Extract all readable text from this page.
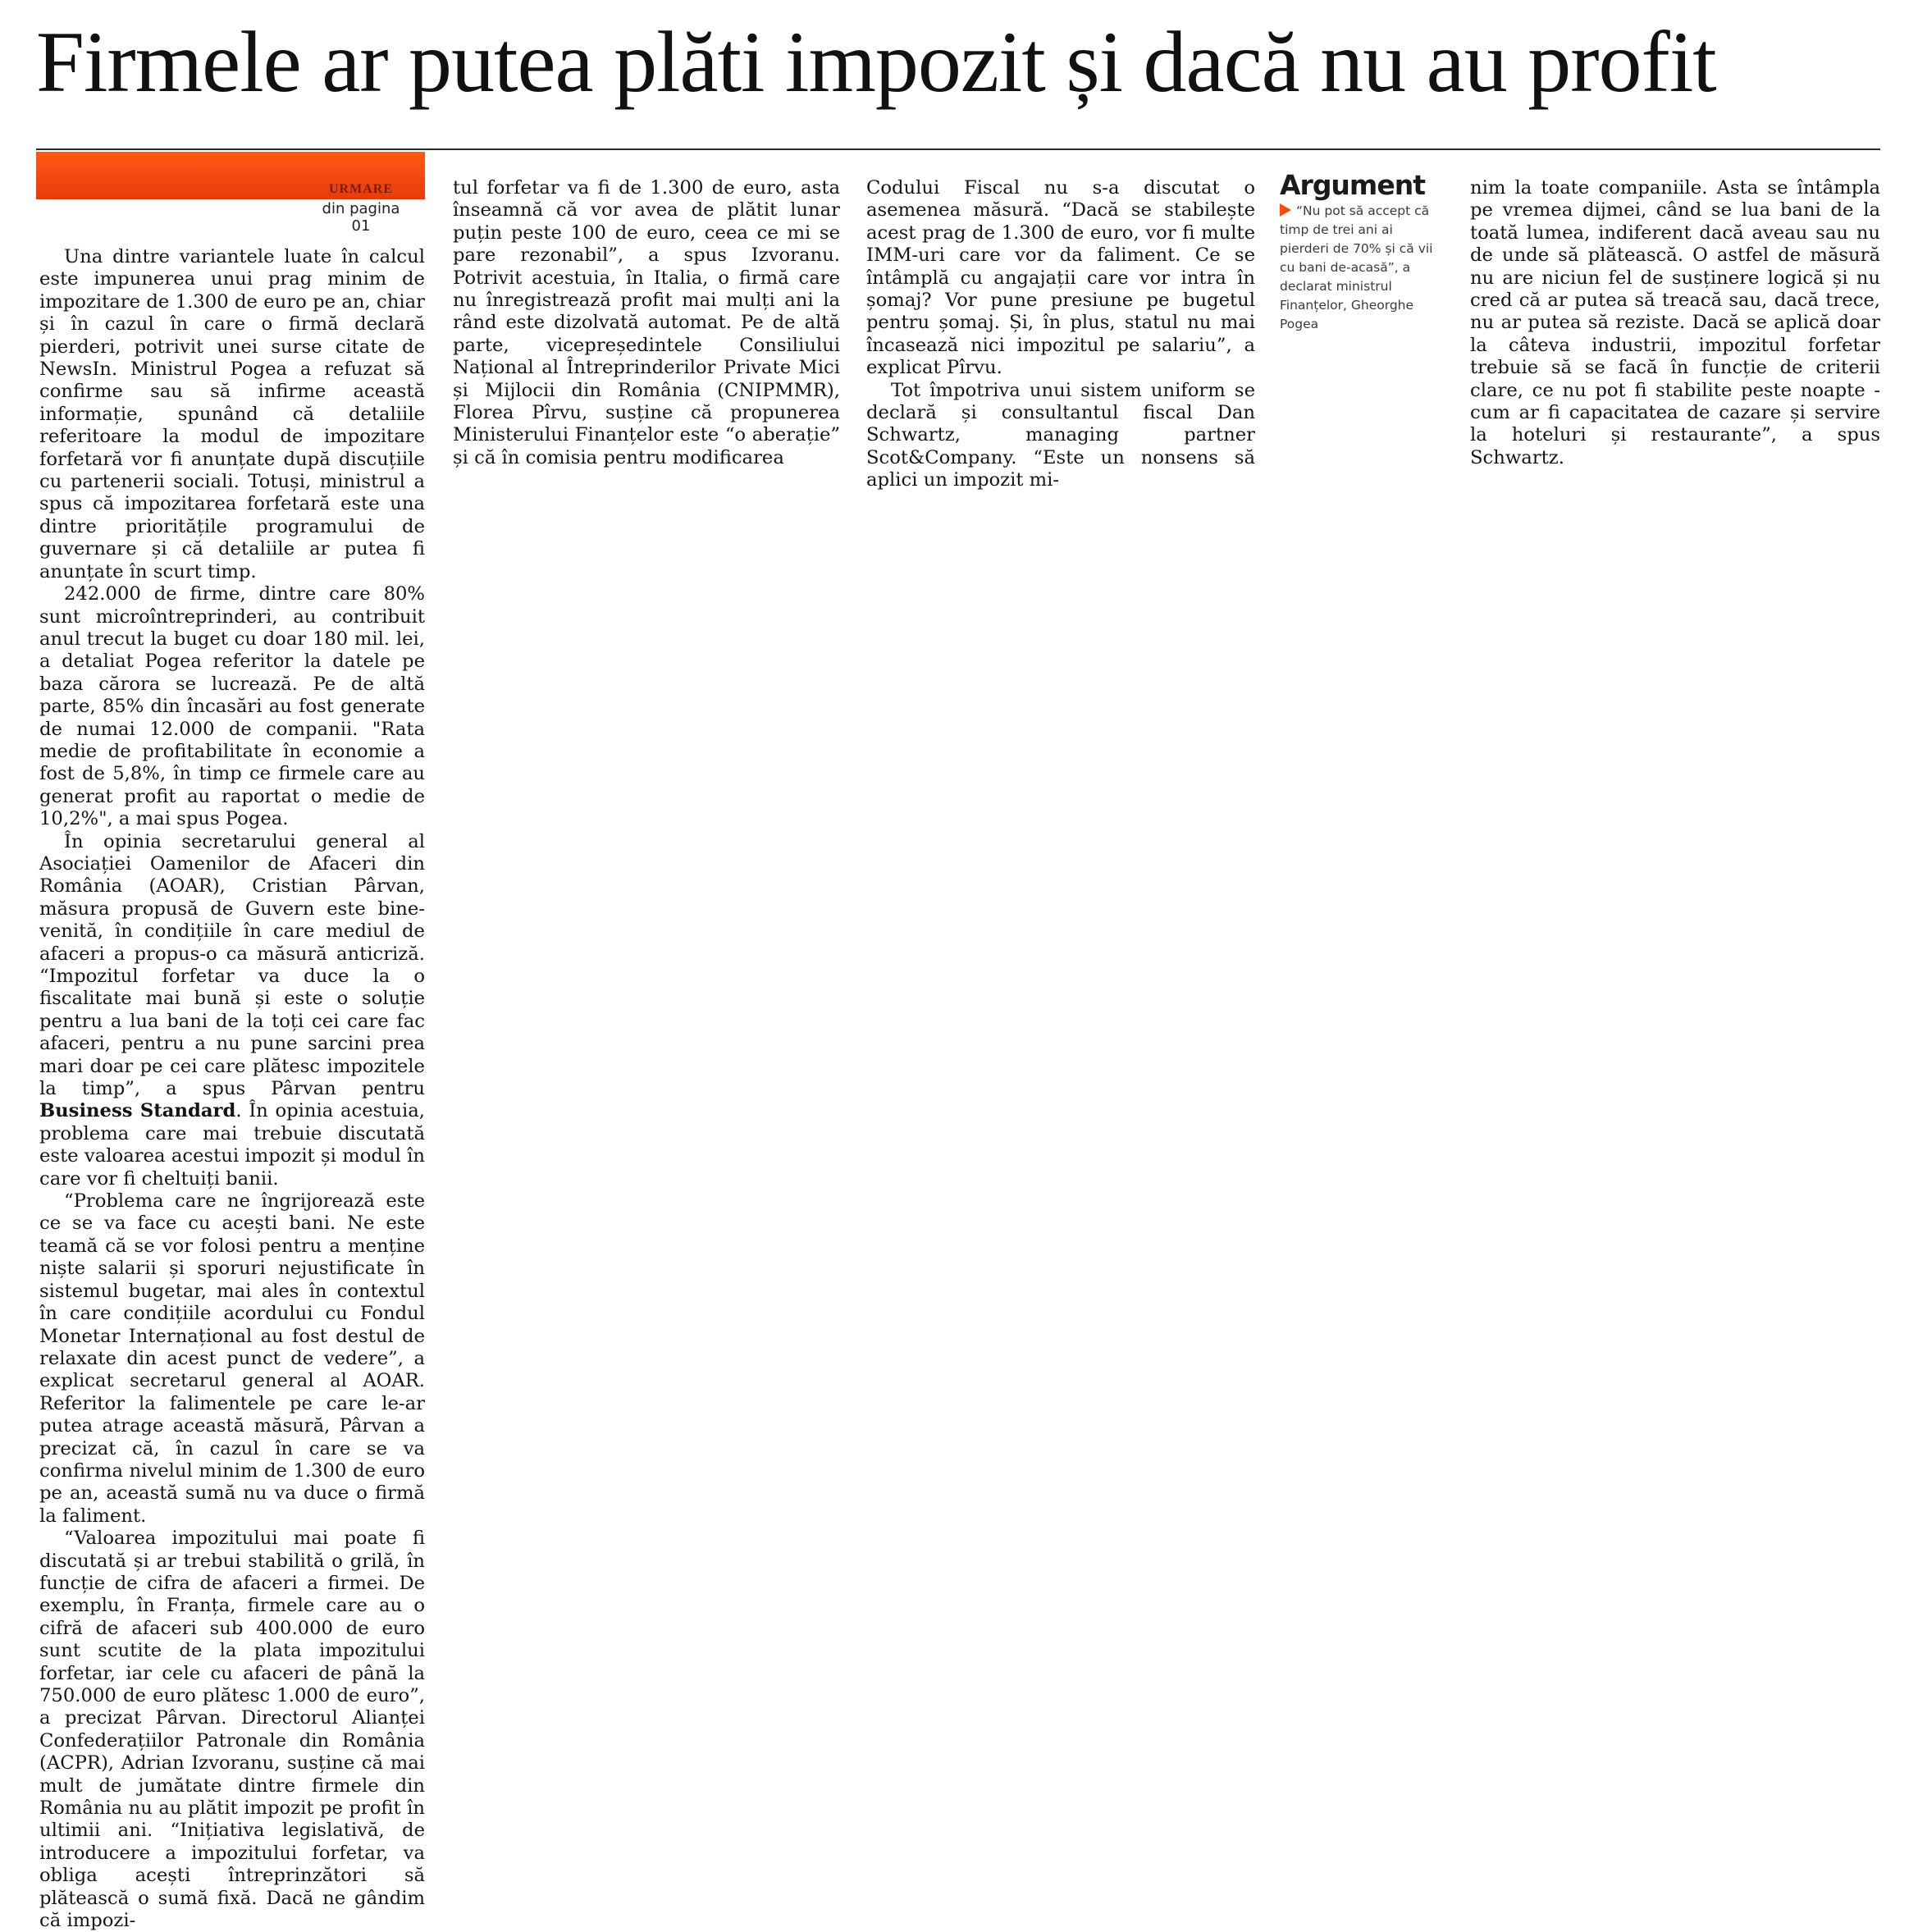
Firmele ar putea plăti impozit și dacă nu au profit
URMARE
din pagina 01

Una dintre variantele luate în calcul este impunerea unui prag minim de impozitare de 1.300 de euro pe an, chiar și în cazul în care o firmă declară pierderi, potrivit unei surse citate de NewsIn. Ministrul Pogea a refuzat să confirme sau să infirme această informație, spunând că detaliile referitoare la modul de impozitare forfetară vor fi anunțate după discuțiile cu partenerii sociali. Totuși, ministrul a spus că impozitarea forfetară este una dintre prioritățile programului de guvernare și că detaliile ar putea fi anunțate în scurt timp.

242.000 de firme, dintre care 80% sunt microîntreprinderi, au contribuit anul trecut la buget cu doar 180 mil. lei, a detaliat Pogea referitor la datele pe baza cărora se lucrează. Pe de altă parte, 85% din încasări au fost generate de numai 12.000 de companii. "Rata medie de profitabilitate în economie a fost de 5,8%, în timp ce firmele care au generat profit au raportat o medie de 10,2%", a mai spus Pogea.

În opinia secretarului general al Asociației Oamenilor de Afaceri din România (AOAR), Cristian Pârvan, măsura propusă de Guvern este bine-venită, în condițiile în care mediul de afaceri a propus-o ca măsură anticriză. “Impozitul forfetar va duce la o fiscalitate mai bună și este o soluție pentru a lua bani de la toți cei care fac afaceri, pentru a nu pune sarcini prea mari doar pe cei care plătesc impozitele la timp”, a spus Pârvan pentru Business Standard. În opinia acestuia, problema care mai trebuie discutată este valoarea acestui impozit și modul în care vor fi cheltuiți banii.

“Problema care ne îngrijorează este ce se va face cu acești bani. Ne este teamă că se vor folosi pentru a menține niște salarii și sporuri nejustificate în sistemul bugetar, mai ales în contextul în care condițiile acordului cu Fondul Monetar Internațional au fost destul de relaxate din acest punct de vedere”, a explicat secretarul general al AOAR. Referitor la falimentele pe care le-ar putea atrage această măsură, Pârvan a precizat că, în cazul în care se va confirma nivelul minim de 1.300 de euro pe an, această sumă nu va duce o firmă la faliment.

“Valoarea impozitului mai poate fi discutată și ar trebui stabilită o grilă, în funcție de cifra de afaceri a firmei. De exemplu, în Franța, firmele care au o cifră de afaceri sub 400.000 de euro sunt scutite de la plata impozitului forfetar, iar cele cu afaceri de până la 750.000 de euro plătesc 1.000 de euro”, a precizat Pârvan. Directorul Alianței Confederațiilor Patronale din România (ACPR), Adrian Izvoranu, susține că mai mult de jumătate dintre firmele din România nu au plătit impozit pe profit în ultimii ani. “Inițiativa legislativă, de introducere a impozitului forfetar, va obliga acești întreprinzători să plătească o sumă fixă. Dacă ne gândim că impozi-

tul forfetar va fi de 1.300 de euro, asta înseamnă că vor avea de plătit lunar puțin peste 100 de euro, ceea ce mi se pare rezonabil”, a spus Izvoranu. Potrivit acestuia, în Italia, o firmă care nu înregistrează profit mai mulți ani la rând este dizolvată automat. Pe de altă parte, vicepreședintele Consiliului Național al Întreprinderilor Private Mici și Mijlocii din România (CNIPMMR), Florea Pîrvu, susține că propunerea Ministerului Finanțelor este “o aberație” și că în comisia pentru modificarea

Codului Fiscal nu s-a discutat o asemenea măsură. “Dacă se stabilește acest prag de 1.300 de euro, vor fi multe IMM-uri care vor da faliment. Ce se întâmplă cu angajații care vor intra în șomaj? Vor pune presiune pe bugetul pentru șomaj. Și, în plus, statul nu mai încasează nici impozitul pe salariu”, a explicat Pîrvu.

Tot împotriva unui sistem uniform se declară și consultantul fiscal Dan Schwartz, managing partner Scot&Company. “Este un nonsens să aplici un impozit mi-

Argument

“Nu pot să accept că timp de trei ani ai pierderi de 70% și că vii cu bani de-acasă”, a declarat ministrul Finanțelor, Gheorghe Pogea

nim la toate companiile. Asta se întâmpla pe vremea dijmei, când se lua bani de la toată lumea, indiferent dacă aveau sau nu de unde să plătească. O astfel de măsură nu are niciun fel de susținere logică și nu cred că ar putea să treacă sau, dacă trece, nu ar putea să reziste. Dacă se aplică doar la câteva industrii, impozitul forfetar trebuie să se facă în funcție de criterii clare, ce nu pot fi stabilite peste noapte - cum ar fi capacitatea de cazare și servire la hoteluri și restaurante”, a spus Schwartz.
